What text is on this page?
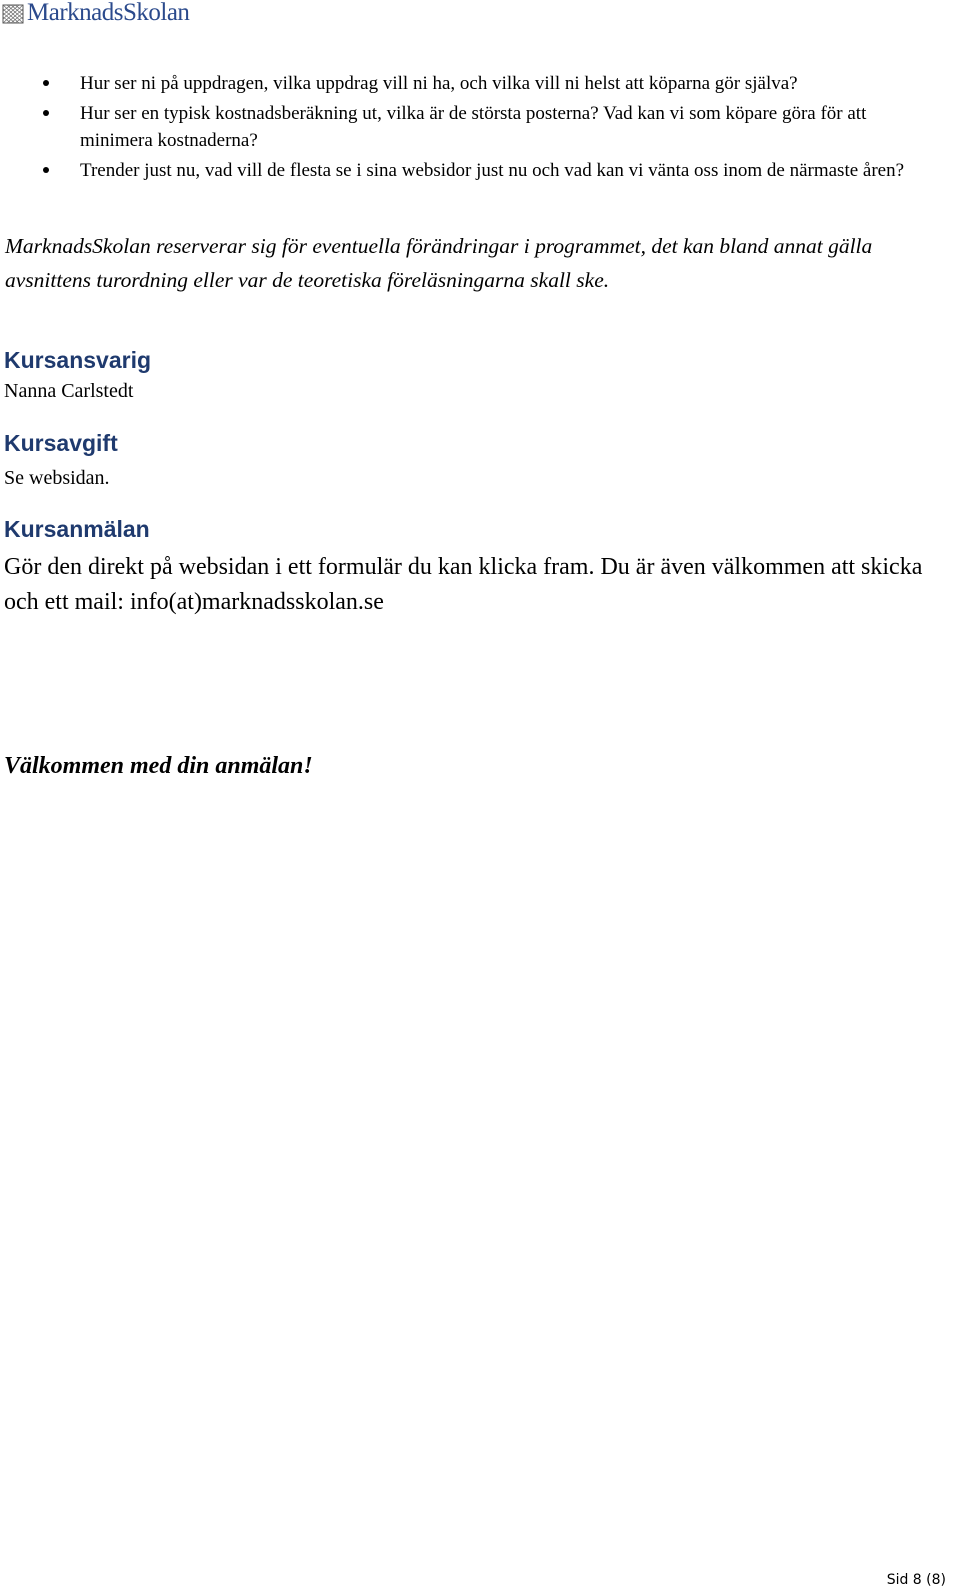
MarknadsSkolan
Hur ser ni på uppdragen, vilka uppdrag vill ni ha, och vilka vill ni helst att köparna gör själva?
Hur ser en typisk kostnadsberäkning ut, vilka är de största posterna? Vad kan vi som köpare göra för att minimera kostnaderna?
Trender just nu, vad vill de flesta se i sina websidor just nu och vad kan vi vänta oss inom de närmaste åren?

MarknadsSkolan reserverar sig för eventuella förändringar i programmet, det kan bland annat gälla avsnittens turordning eller var de teoretiska föreläsningarna skall ske.

Kursansvarig

Nanna Carlstedt

Kursavgift

Se websidan.

Kursanmälan

Gör den direkt på websidan i ett formulär du kan klicka fram. Du är även välkommen att skicka och ett mail: info(at)marknadsskolan.se

Välkommen med din anmälan!

Sid 8 (8)
